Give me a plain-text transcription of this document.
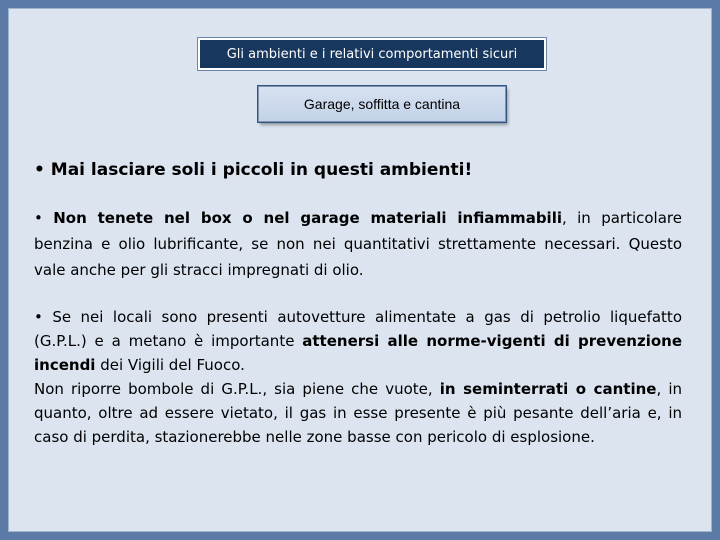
Gli ambienti e i relativi comportamenti sicuri
Garage, soffitta e cantina

• Mai lasciare soli i piccoli in questi ambienti!

• Non tenete nel box o nel garage materiali infiammabili, in particolare benzina e olio lubrificante, se non nei quantitativi strettamente necessari. Questo vale anche per gli stracci impregnati di olio.

• Se nei locali sono presenti autovetture alimentate a gas di petrolio liquefatto (G.P.L.) e a metano è importante attenersi alle norme-vigenti di prevenzione incendi dei Vigili del Fuoco.

Non riporre bombole di G.P.L., sia piene che vuote, in seminterrati o cantine, in quanto, oltre ad essere vietato, il gas in esse presente è più pesante dell’aria e, in caso di perdita, stazionerebbe nelle zone basse con pericolo di esplosione.
